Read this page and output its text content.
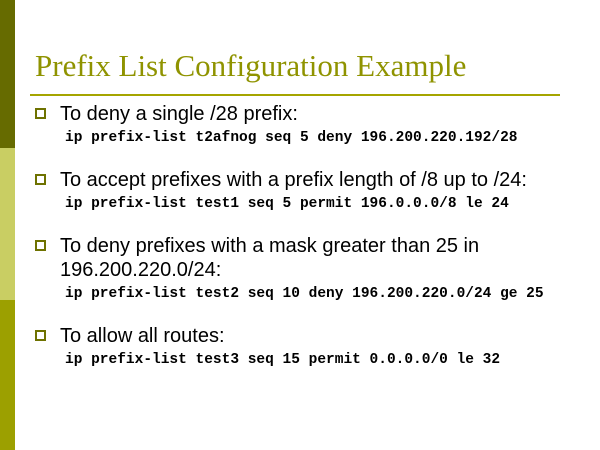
Prefix List Configuration Example
To deny a single /28 prefix:
ip prefix-list t2afnog seq 5 deny 196.200.220.192/28
To accept prefixes with a prefix length of /8 up to /24:
ip prefix-list test1 seq 5 permit 196.0.0.0/8 le 24
To deny prefixes with a mask greater than 25 in 196.200.220.0/24:
ip prefix-list test2 seq 10 deny 196.200.220.0/24 ge 25
To allow all routes:
ip prefix-list test3 seq 15 permit 0.0.0.0/0 le 32
